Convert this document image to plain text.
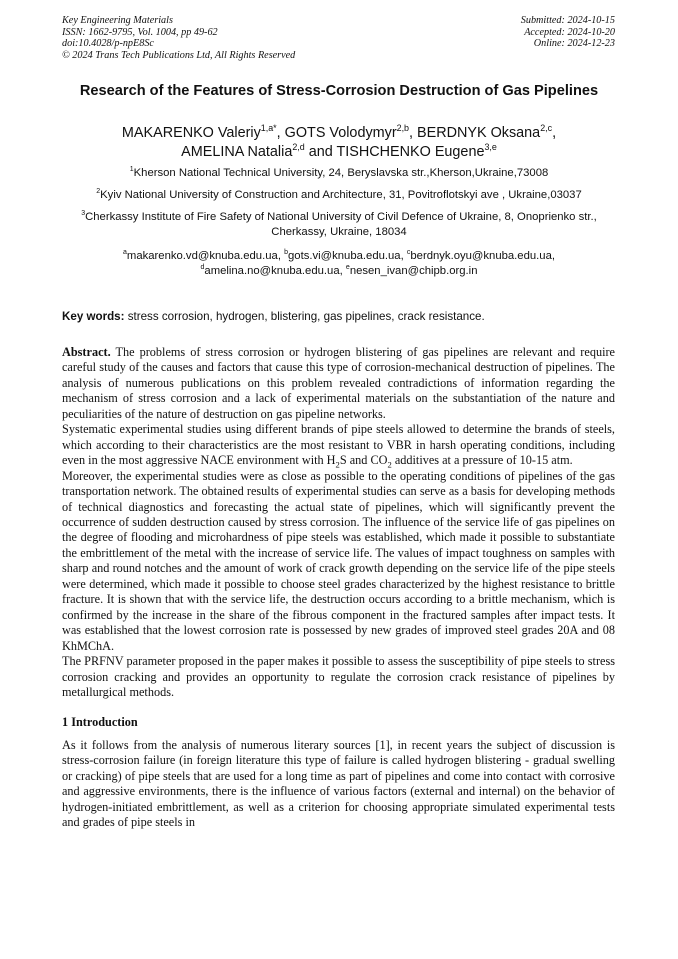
Key Engineering Materials
ISSN: 1662-9795, Vol. 1004, pp 49-62
doi:10.4028/p-npE8Sc
© 2024 Trans Tech Publications Ltd, All Rights Reserved
Submitted: 2024-10-15
Accepted: 2024-10-20
Online: 2024-12-23
Research of the Features of Stress-Corrosion Destruction of Gas Pipelines
MAKARENKO Valeriy$^{1,a*}$, GOTS Volodymyr$^{2,b}$, BERDNYK Oksana$^{2,c}$,
AMELINA Natalia$^{2,d}$ and TISHCHENKO Eugene$^{3,e}$
$^1$Kherson National Technical University, 24, Beryslavska str.,Kherson,Ukraine,73008
$^2$Kyiv National University of Construction and Architecture, 31, Povitroflotskyi ave , Ukraine,03037
$^3$Cherkassy Institute of Fire Safety of National University of Civil Defence of Ukraine, 8, Onoprienko str., Cherkassy, Ukraine, 18034
$^a$makarenko.vd@knuba.edu.ua, $^b$gots.vi@knuba.edu.ua, $^c$berdnyk.oyu@knuba.edu.ua,
$^d$amelina.no@knuba.edu.ua, $^e$nesen_ivan@chipb.org.in
Key words: stress corrosion, hydrogen, blistering, gas pipelines, crack resistance.

Abstract. The problems of stress corrosion or hydrogen blistering of gas pipelines are relevant and require careful study of the causes and factors that cause this type of corrosion-mechanical destruction of pipelines. The analysis of numerous publications on this problem revealed contradictions of information regarding the mechanism of stress corrosion and a lack of experimental materials on the substantiation of the nature and peculiarities of the nature of destruction on gas pipeline networks.

Systematic experimental studies using different brands of pipe steels allowed to determine the brands of steels, which according to their characteristics are the most resistant to VBR in harsh operating conditions, including even in the most aggressive NACE environment with $H_2S$ and $CO_2$ additives at a pressure of 10-15 atm.

Moreover, the experimental studies were as close as possible to the operating conditions of pipelines of the gas transportation network. The obtained results of experimental studies can serve as a basis for developing methods of technical diagnostics and forecasting the actual state of pipelines, which will significantly prevent the occurrence of sudden destruction caused by stress corrosion. The influence of the service life of gas pipelines on the degree of flooding and microhardness of pipe steels was established, which made it possible to substantiate the embrittlement of the metal with the increase of service life. The values of impact toughness on samples with sharp and round notches and the amount of work of crack growth depending on the service life of the pipe steels were determined, which made it possible to choose steel grades characterized by the highest resistance to brittle fracture. It is shown that with the service life, the destruction occurs according to a brittle mechanism, which is confirmed by the increase in the share of the fibrous component in the fractured samples after impact tests. It was established that the lowest corrosion rate is possessed by new grades of improved steel grades 20A and 08 KhMChA.

The PRFNV parameter proposed in the paper makes it possible to assess the susceptibility of pipe steels to stress corrosion cracking and provides an opportunity to regulate the corrosion crack resistance of pipelines by metallurgical methods.

1 Introduction

As it follows from the analysis of numerous literary sources [1], in recent years the subject of discussion is stress-corrosion failure (in foreign literature this type of failure is called hydrogen blistering - gradual swelling or cracking) of pipe steels that are used for a long time as part of pipelines and come into contact with corrosive and aggressive environments, there is the influence of various factors (external and internal) on the behavior of hydrogen-initiated embrittlement, as well as a criterion for choosing appropriate simulated experimental tests and grades of pipe steels in
